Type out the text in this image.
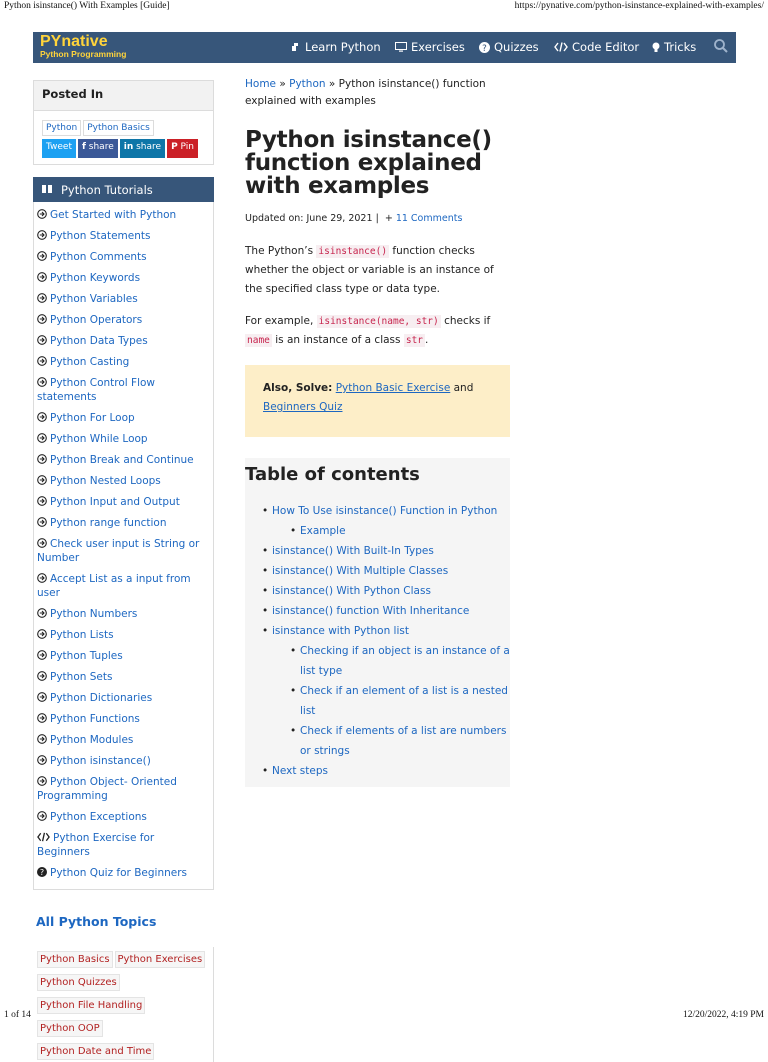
Python isinstance() With Examples [Guide]	https://pynative.com/python-isinstance-explained-with-examples/
PYnative
Python Programming	Learn Python	Exercises ? Quizzes	Code Editor Tricks
Posted In
Python Python Basics
Tweet	f share	in share	P Pin
Python Tutorials
Get Started with Python
Python Statements
Python Comments
Python Keywords
Python Variables
Python Operators
Python Data Types
Python Casting
Python Control Flow statements
Python For Loop
Python While Loop
Python Break and Continue
Python Nested Loops
Python Input and Output
Python range function
Check user input is String or Number
Accept List as a input from user
Python Numbers
Python Lists
Python Tuples
Python Sets
Python Dictionaries
Python Functions
Python Modules
Python isinstance()
Python Object- Oriented Programming
Python Exceptions
Python Exercise for Beginners
? Python Quiz for Beginners
All Python Topics
Python Basics Python ExercisesPython QuizzesPython File HandlingPython OOPPython Date and Time
Home » Python » Python isinstance() function explained with examples
Python isinstance() function explained with examples
Updated on: June 29, 2021 | + 11 Comments

The Python’s isinstance() function checks whether the object or variable is an instance of the specified class type or data type.

For example, isinstance(name, str) checks if name is an instance of a class str .

Also, Solve: Python Basic Exercise and
Beginners Quiz
Table of contents
• How To Use isinstance() Function in Python
• Example
• isinstance() With Built-In Types
• isinstance() With Multiple Classes
• isinstance() With Python Class
• isinstance() function With Inheritance
• isinstance with Python list
• Checking if an object is an instance of a list type
• Check if an element of a list is a nested list
• Check if elements of a list are numbers or strings
• Next steps
1 of 14	12/20/2022, 4:19 PM
